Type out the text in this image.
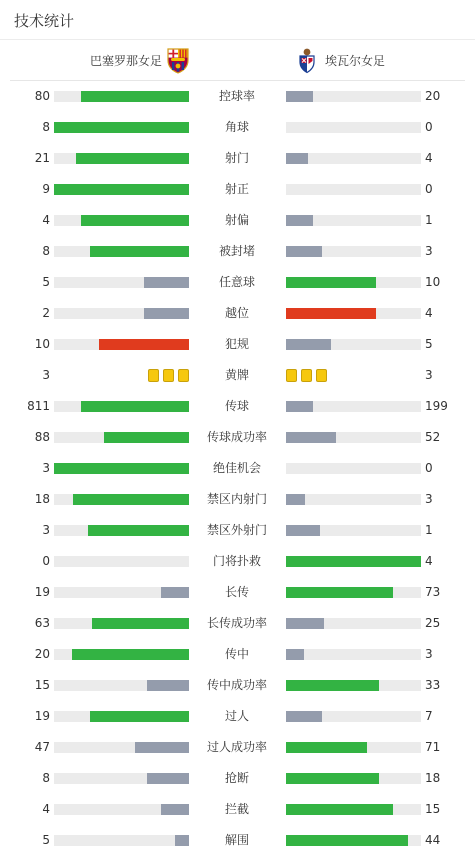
技术统计
巴塞罗那女足	埃瓦尔女足
80	控球率	20
8	角球	0
21	射门	4
9	射正	0
4	射偏	1
8	被封堵	3
5	任意球	10
2	越位	4
10	犯规	5
3	黄牌	3
811	传球	199
88	传球成功率	52
3	绝佳机会	0
18	禁区内射门	3
3	禁区外射门	1
0	门将扑救	4
19	长传	73
63	长传成功率	25
20	传中	3
15	传中成功率	33
19	过人	7
47	过人成功率	71
8	抢断	18
4	拦截	15
5	解围	44
